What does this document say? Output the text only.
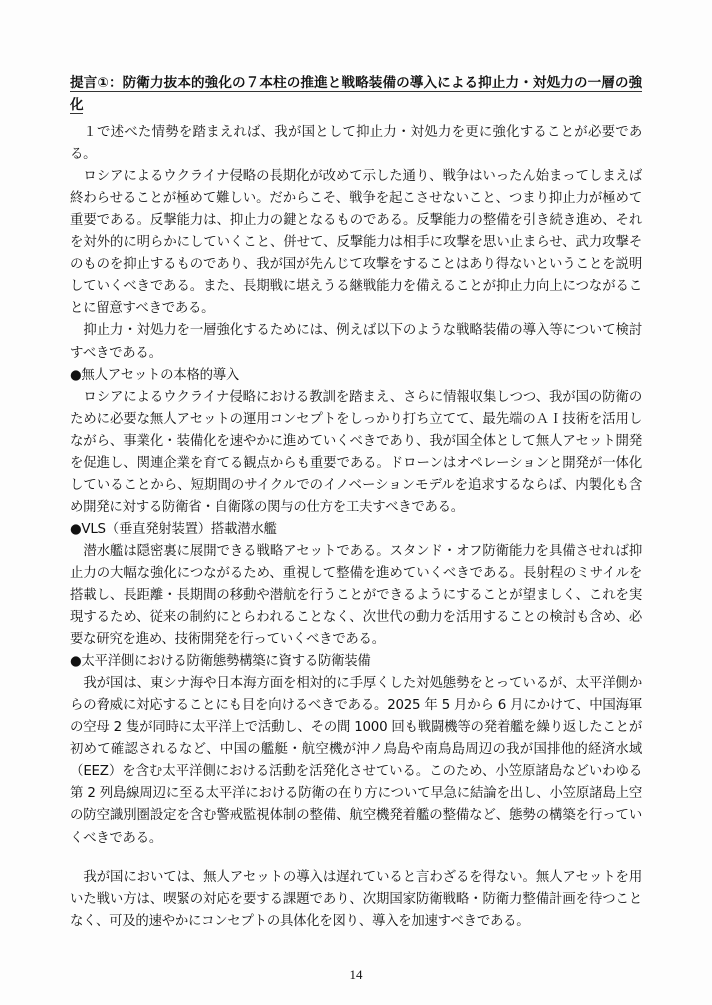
提言①：防衛力抜本的強化の７本柱の推進と戦略装備の導入による抑止力・対処力の一層の強化

１で述べた情勢を踏まえれば、我が国として抑止力・対処力を更に強化することが必要である。

ロシアによるウクライナ侵略の長期化が改めて示した通り、戦争はいったん始まってしまえば終わらせることが極めて難しい。だからこそ、戦争を起こさせないこと、つまり抑止力が極めて重要である。反撃能力は、抑止力の鍵となるものである。反撃能力の整備を引き続き進め、それを対外的に明らかにしていくこと、併せて、反撃能力は相手に攻撃を思い止まらせ、武力攻撃そのものを抑止するものであり、我が国が先んじて攻撃をすることはあり得ないということを説明していくべきである。また、長期戦に堪えうる継戦能力を備えることが抑止力向上につながることに留意すべきである。

抑止力・対処力を一層強化するためには、例えば以下のような戦略装備の導入等について検討すべきである。

●無人アセットの本格的導入

ロシアによるウクライナ侵略における教訓を踏まえ、さらに情報収集しつつ、我が国の防衛のために必要な無人アセットの運用コンセプトをしっかり打ち立てて、最先端のＡＩ技術を活用しながら、事業化・装備化を速やかに進めていくべきであり、我が国全体として無人アセット開発を促進し、関連企業を育てる観点からも重要である。ドローンはオペレーションと開発が一体化していることから、短期間のサイクルでのイノベーションモデルを追求するならば、内製化も含め開発に対する防衛省・自衛隊の関与の仕方を工夫すべきである。

●VLS（垂直発射装置）搭載潜水艦

潜水艦は隠密裏に展開できる戦略アセットである。スタンド・オフ防衛能力を具備させれば抑止力の大幅な強化につながるため、重視して整備を進めていくべきである。長射程のミサイルを搭載し、長距離・長期間の移動や潜航を行うことができるようにすることが望ましく、これを実現するため、従来の制約にとらわれることなく、次世代の動力を活用することの検討も含め、必要な研究を進め、技術開発を行っていくべきである。

●太平洋側における防衛態勢構築に資する防衛装備

我が国は、東シナ海や日本海方面を相対的に手厚くした対処態勢をとっているが、太平洋側からの脅威に対応することにも目を向けるべきである。2025 年 5 月から 6 月にかけて、中国海軍の空母 2 隻が同時に太平洋上で活動し、その間 1000 回も戦闘機等の発着艦を繰り返したことが初めて確認されるなど、中国の艦艇・航空機が沖ノ鳥島や南鳥島周辺の我が国排他的経済水域（EEZ）を含む太平洋側における活動を活発化させている。このため、小笠原諸島などいわゆる第 2 列島線周辺に至る太平洋における防衛の在り方について早急に結論を出し、小笠原諸島上空の防空識別圏設定を含む警戒監視体制の整備、航空機発着艦の整備など、態勢の構築を行っていくべきである。

我が国においては、無人アセットの導入は遅れていると言わざるを得ない。無人アセットを用いた戦い方は、喫緊の対応を要する課題であり、次期国家防衛戦略・防衛力整備計画を待つことなく、可及的速やかにコンセプトの具体化を図り、導入を加速すべきである。

14
